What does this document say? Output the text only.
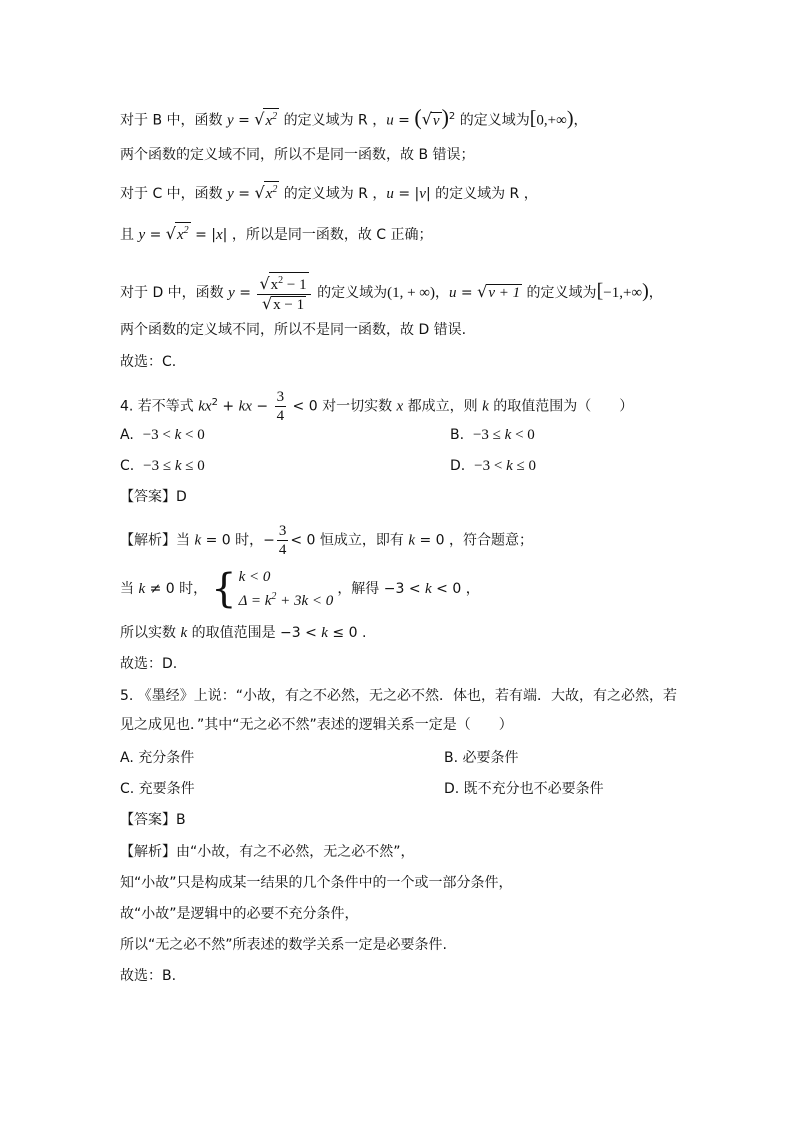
对于 B 中，函数 $y = √x^2$ 的定义域为 R ，$u = (√v)^2$ 的定义域为[0,+∞)，
两个函数的定义域不同，所以不是同一函数，故 B 错误；
对于 C 中，函数 $y = √x^2$ 的定义域为 R ，u = |v| 的定义域为 R ，
且 $y = √x^2 = |x|$ ，所以是同一函数，故 C 正确；
对于 D 中，函数 $y = \frac{√x^2 - 1}{√x - 1}$ 的定义域为(1, + ∞)，u = √v + 1 的定义域为[−1,+∞)，
两个函数的定义域不同，所以不是同一函数，故 D 错误.
故选：C.
4. 若不等式 $kx^2$ + kx − $\frac{3}{4} < 0$ 对一切实数 x 都成立，则 k 的取值范围为（　　）
A.  −3 < k < 0	B.  −3 ≤ k < 0
C.  −3 ≤ k ≤ 0	D.  −3 < k ≤ 0
【答案】D
【解析】当 k = 0 时，− $\frac{3}{4} < 0$ 恒成立，即有 k = 0 ，符合题意；
当 k ≠ 0 时， { k < 0
$\Delta = k^2 + 3k < 0$
，解得 −3 < k < 0 ，
所以实数 k 的取值范围是 −3 < k ≤ 0 .
故选：D.
5. 《墨经》上说：“小故，有之不必然，无之必不然．体也，若有端．大故，有之必然，若
见之成见也．”其中“无之必不然”表述的逻辑关系一定是（　　）
A. 充分条件	B. 必要条件
C. 充要条件	D. 既不充分也不必要条件
【答案】B
【解析】由“小故，有之不必然，无之必不然”，
知“小故”只是构成某一结果的几个条件中的一个或一部分条件，
故“小故”是逻辑中的必要不充分条件，
所以“无之必不然”所表述的数学关系一定是必要条件.
故选：B.
